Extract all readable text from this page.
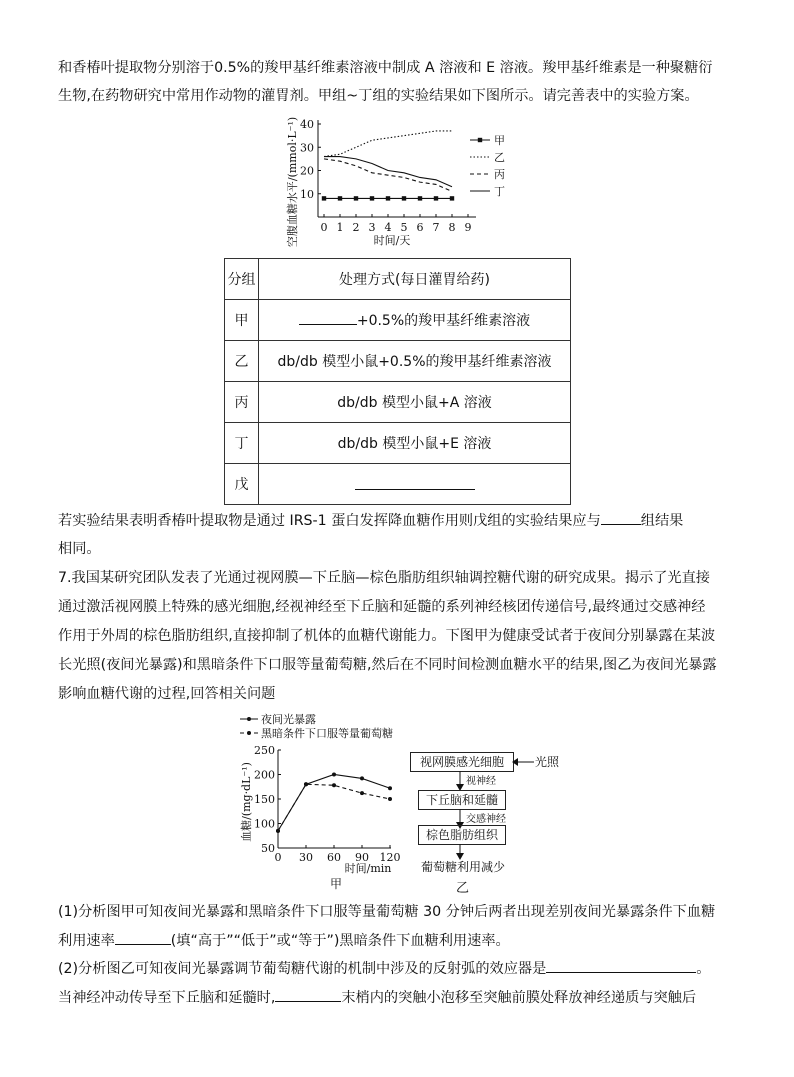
和香椿叶提取物分别溶于0.5%的羧甲基纤维素溶液中制成 A 溶液和 E 溶液。羧甲基纤维素是一种聚糖衍
生物,在药物研究中常用作动物的灌胃剂。甲组~丁组的实验结果如下图所示。请完善表中的实验方案。
空腹血糖水平/(mmol·L⁻¹) 10
20
30
40
0 1 2 3 4 5 6 7 8 9
时间/天
甲
乙
丙
丁
分组	处理方式(每日灌胃给药)
甲	+0.5%的羧甲基纤维素溶液
乙	db/db 模型小鼠+0.5%的羧甲基纤维素溶液
丙	db/db 模型小鼠+A 溶液
丁	db/db 模型小鼠+E 溶液
戊	
若实验结果表明香椿叶提取物是通过 IRS-1 蛋白发挥降血糖作用则戊组的实验结果应与	组结果
相同。
7.我国某研究团队发表了光通过视网膜—下丘脑—棕色脂肪组织轴调控糖代谢的研究成果。揭示了光直接
通过激活视网膜上特殊的感光细胞,经视神经至下丘脑和延髓的系列神经核团传递信号,最终通过交感神经
作用于外周的棕色脂肪组织,直接抑制了机体的血糖代谢能力。下图甲为健康受试者于夜间分别暴露在某波
长光照(夜间光暴露)和黑暗条件下口服等量葡萄糖,然后在不同时间检测血糖水平的结果,图乙为夜间光暴露
影响血糖代谢的过程,回答相关问题
夜间光暴露
黑暗条件下口服等量葡萄糖
血糖/(mg·dL⁻¹)
50
100
150
200
250
0 30 60 90 120
时间/min
甲
视网膜感光细胞	光照
视神经
下丘脑和延髓
交感神经
棕色脂肪组织
葡萄糖利用减少
乙
(1)分析图甲可知夜间光暴露和黑暗条件下口服等量葡萄糖 30 分钟后两者出现差别夜间光暴露条件下血糖
利用速率	(填“高于”“低于”或“等于”)黑暗条件下血糖利用速率。
(2)分析图乙可知夜间光暴露调节葡萄糖代谢的机制中涉及的反射弧的效应器是	。
当神经冲动传导至下丘脑和延髓时,	末梢内的突触小泡移至突触前膜处释放神经递质与突触后
